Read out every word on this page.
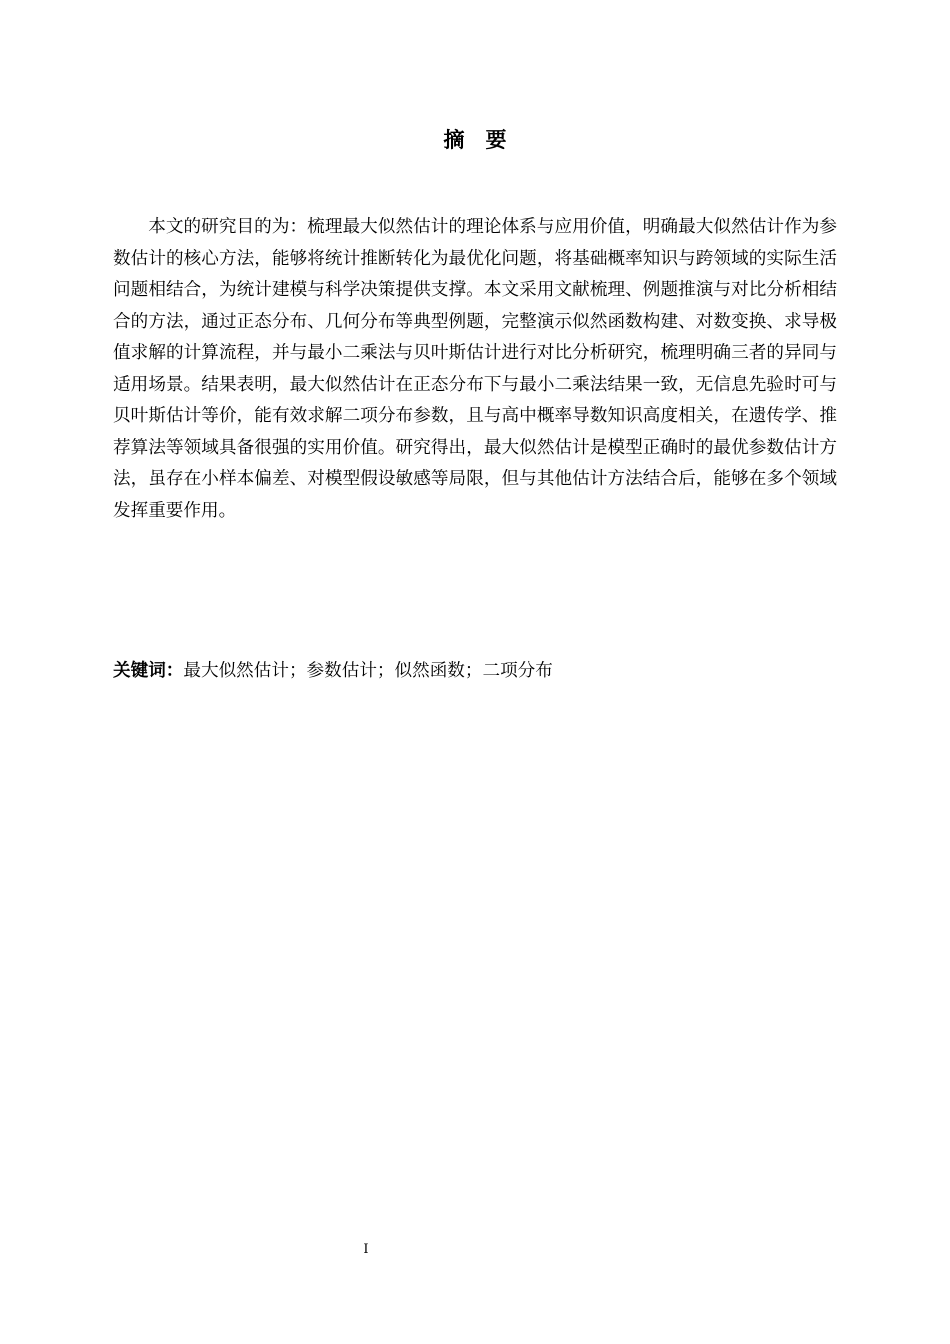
摘　要

本文的研究目的为：梳理最大似然估计的理论体系与应用价值，明确最大似然估计作为参数估计的核心方法，能够将统计推断转化为最优化问题，将基础概率知识与跨领域的实际生活问题相结合，为统计建模与科学决策提供支撑。本文采用文献梳理、例题推演与对比分析相结合的方法，通过正态分布、几何分布等典型例题，完整演示似然函数构建、对数变换、求导极值求解的计算流程，并与最小二乘法与贝叶斯估计进行对比分析研究，梳理明确三者的异同与适用场景。结果表明，最大似然估计在正态分布下与最小二乘法结果一致，无信息先验时可与贝叶斯估计等价，能有效求解二项分布参数，且与高中概率导数知识高度相关，在遗传学、推荐算法等领域具备很强的实用价值。研究得出，最大似然估计是模型正确时的最优参数估计方法，虽存在小样本偏差、对模型假设敏感等局限，但与其他估计方法结合后，能够在多个领域发挥重要作用。

关键词：最大似然估计；参数估计；似然函数；二项分布

I
